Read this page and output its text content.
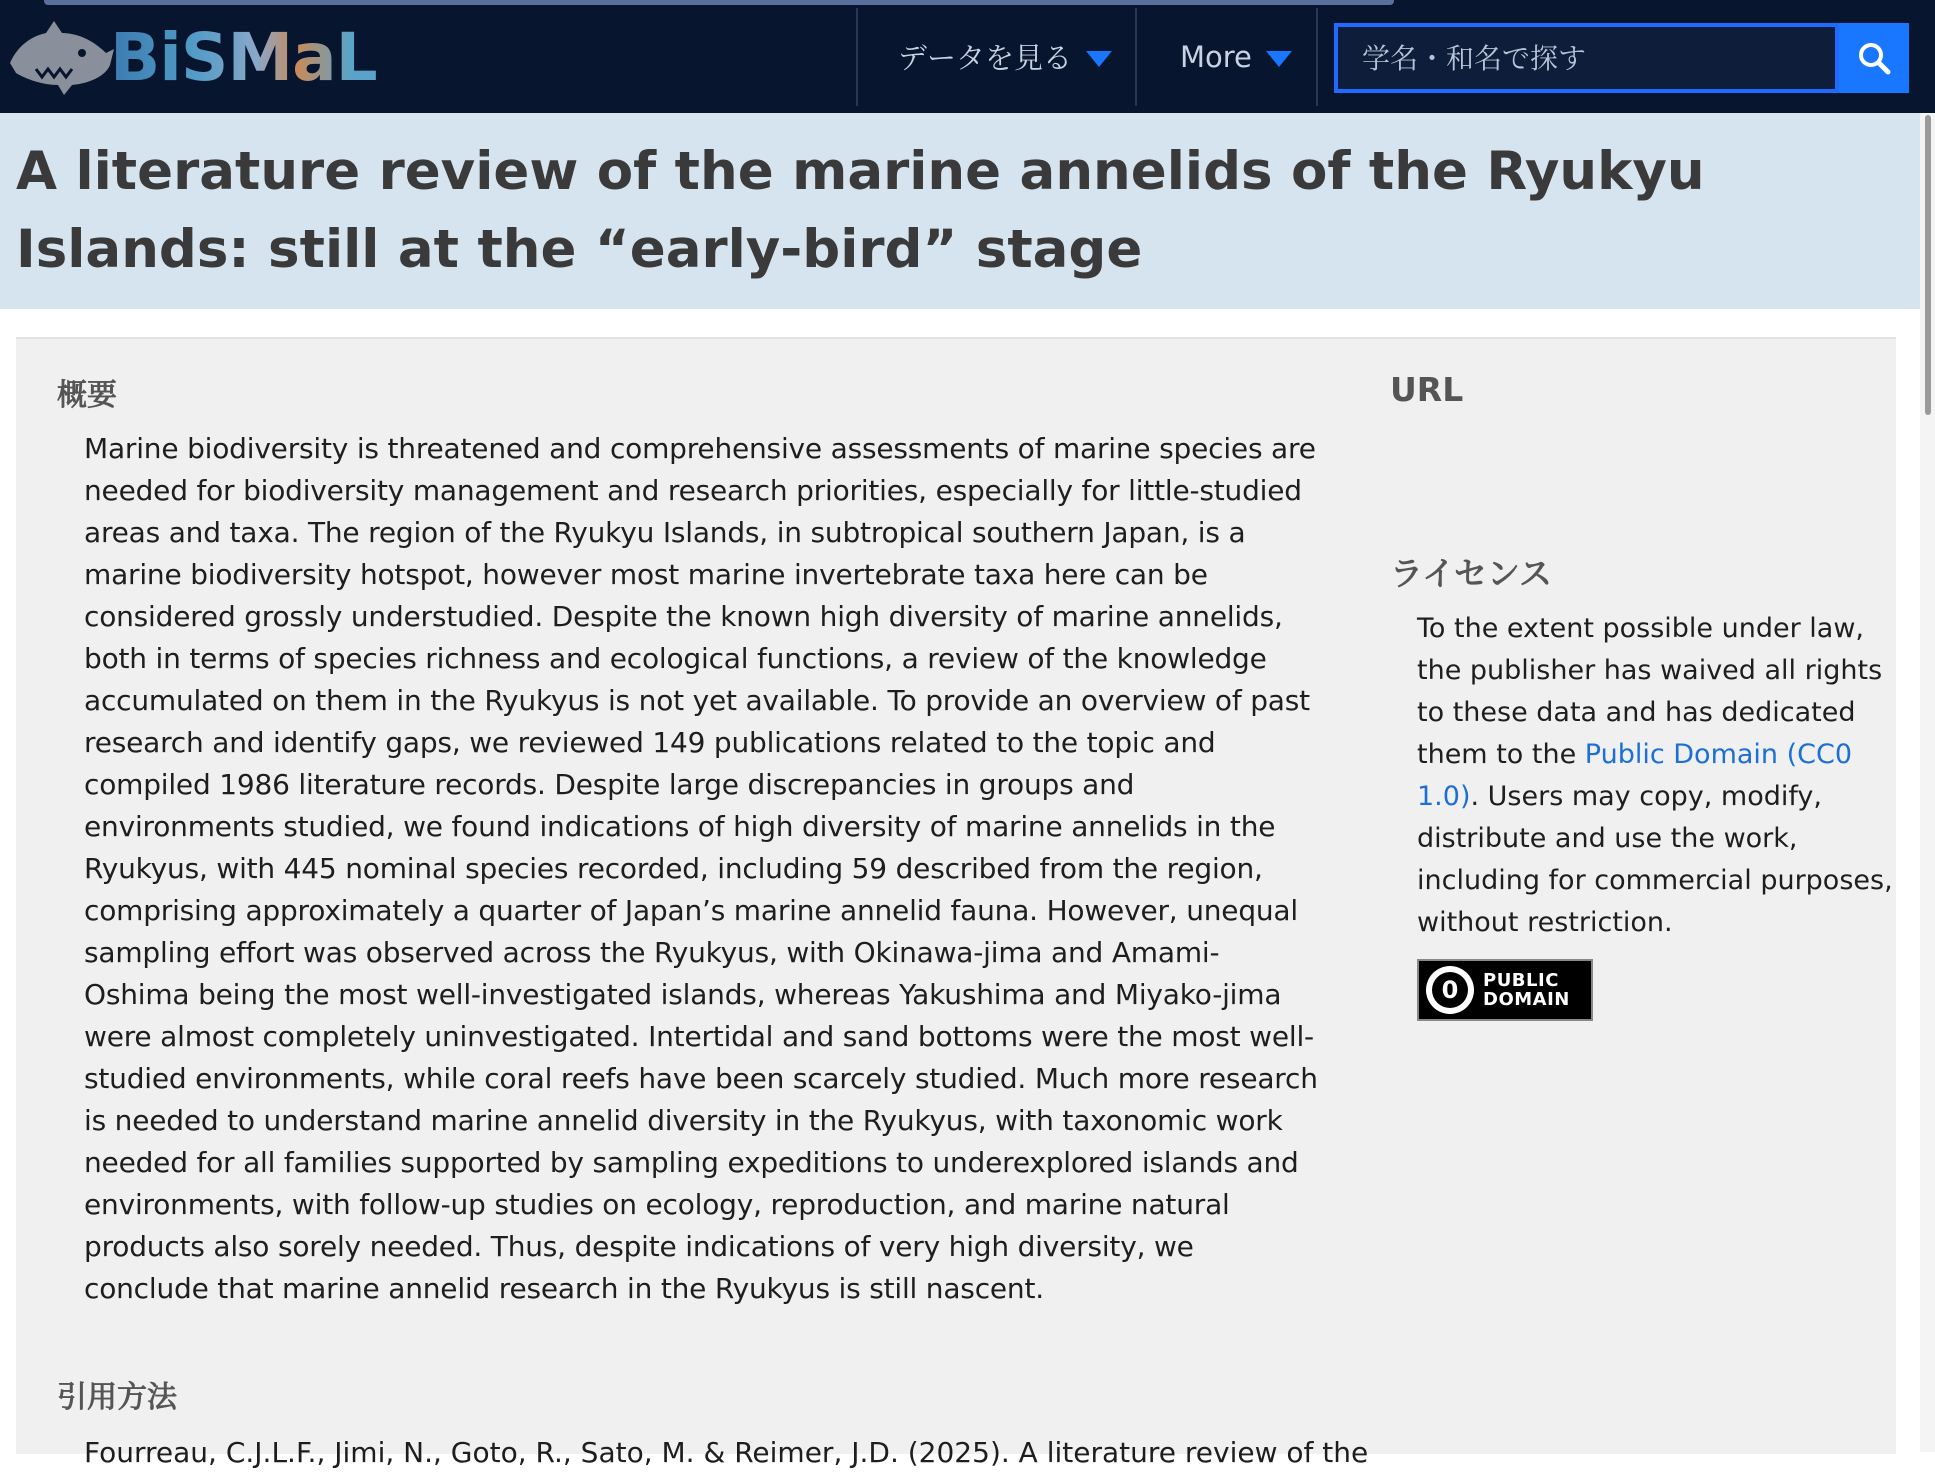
BiSMaL	データを見る	More
学名・和名で探す
A literature review of the marine annelids of the Ryukyu Islands: still at the “early-bird” stage
概要

Marine biodiversity is threatened and comprehensive assessments of marine species are needed for biodiversity management and research priorities, especially for little-studied areas and taxa. The region of the Ryukyu Islands, in subtropical southern Japan, is a marine biodiversity hotspot, however most marine invertebrate taxa here can be considered grossly understudied. Despite the known high diversity of marine annelids, both in terms of species richness and ecological functions, a review of the knowledge accumulated on them in the Ryukyus is not yet available. To provide an overview of past research and identify gaps, we reviewed 149 publications related to the topic and compiled 1986 literature records. Despite large discrepancies in groups and environments studied, we found indications of high diversity of marine annelids in the Ryukyus, with 445 nominal species recorded, including 59 described from the region, comprising approximately a quarter of Japan’s marine annelid fauna. However, unequal sampling effort was observed across the Ryukyus, with Okinawa-jima and Amami-Oshima being the most well-investigated islands, whereas Yakushima and Miyako-jima were almost completely uninvestigated. Intertidal and sand bottoms were the most well-studied environments, while coral reefs have been scarcely studied. Much more research is needed to understand marine annelid diversity in the Ryukyus, with taxonomic work needed for all families supported by sampling expeditions to underexplored islands and environments, with follow-up studies on ecology, reproduction, and marine natural products also sorely needed. Thus, despite indications of very high diversity, we conclude that marine annelid research in the Ryukyus is still nascent.

URL
ライセンス

To the extent possible under law, the publisher has waived all rights to these data and has dedicated them to the Public Domain (CC0 1.0). Users may copy, modify, distribute and use the work, including for commercial purposes, without restriction.

0	PUBLIC
DOMAIN
引用方法

Fourreau, C.J.L.F., Jimi, N., Goto, R., Sato, M. & Reimer, J.D. (2025). A literature review of the
